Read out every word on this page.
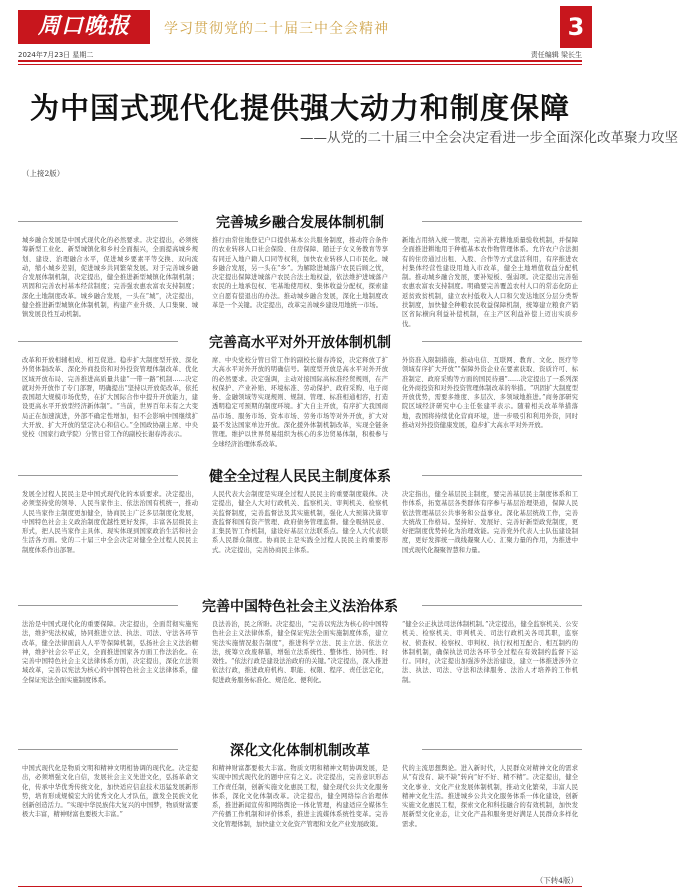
周口晚报	学习贯彻党的二十届三中全会精神	3
2024年7月23日 星期二	责任编辑 梁长生
为中国式现代化提供强大动力和制度保障
——从党的二十届三中全会决定看进一步全面深化改革聚力攻坚
（上接2版）
完善城乡融合发展体制机制

城乡融合发展是中国式现代化的必然要求。决定提出，必须统筹新型工业化、新型城镇化和乡村全面振兴，全面提高城乡规划、建设、治理融合水平，促进城乡要素平等交换、双向流动，缩小城乡差别，促进城乡共同繁荣发展。对于完善城乡融合发展体制机制，决定提出，健全推进新型城镇化体制机制；巩固和完善农村基本经营制度；完善强农惠农富农支持制度；深化土地制度改革。城乡融合发展，一头在“城”，决定提出，健全推进新型城镇化体制机制，构建产业升级、人口集聚、城镇发展良性互动机制。

推行由常住地登记户口提供基本公共服务制度，推动符合条件的农业转移人口社会保险、住房保障、随迁子女义务教育等享有同迁入地户籍人口同等权利，加快农业转移人口市民化。城乡融合发展，另一头在“乡”。为解除进城落户农民后顾之忧，决定提出保障进城落户农民合法土地权益，依法维护进城落户农民的土地承包权、宅基地使用权、集体收益分配权，探索建立自愿有偿退出的办法。推动城乡融合发展，深化土地制度改革是一个关键。决定提出，改革完善城乡建设用地统一市场。

新地占用纳入统一管理，完善补充耕地质量验收机制，并保障全面推进耕地用于种植基本农作物管理体系。允许农户合法拥有的住房通过出租、入股、合作等方式盘活利用，有序推进农村集体经营性建设用地入市改革，健全土地增值收益分配机制。推动城乡融合发展，要补短板、强弱项。决定提出完善强农惠农富农支持制度。明确要完善覆盖农村人口的常态化防止返贫致贫机制，建立农村低收入人口和欠发达地区分层分类帮扶制度，加快健全种粮农民收益保障机制，统筹建立粮食产销区省际横向利益补偿机制，在主产区利益补偿上迈出实质步伐。

完善高水平对外开放体制机制

改革和开放相辅相成、相互促进。稳步扩大制度型开放、深化外贸体制改革、深化外商投资和对外投资管理体制改革、优化区域开放布局、完善推进高质量共建“一带一路”机制……决定就对外开放作了专门部署，明确提出“坚持以开放促改革，依托我国超大规模市场优势，在扩大国际合作中提升开放能力，建设更高水平开放型经济新体制”。“当前，世界百年未有之大变局正在加速演进，外部不确定性增加，但不会影响中国继续扩大开放、扩大开放的坚定决心和信心。”全国政协副主席、中央党校（国家行政学院）分管日常工作的副校长谢春涛表示。

席、中央党校分管日常工作的副校长谢春涛说，决定释放了扩大高水平对外开放的明确信号。制度型开放是高水平对外开放的必然要求。决定强调，主动对接国际高标准经贸规则，在产权保护、产业补贴、环境标准、劳动保护、政府采购、电子商务、金融领域等实现规则、规制、管理、标准相通相容，打造透明稳定可预期的制度环境。扩大自主开放，有序扩大我国商品市场、服务市场、资本市场、劳务市场等对外开放，扩大对最不发达国家单边开放。深化援外体制机制改革，实现全链条管理。维护以世界贸易组织为核心的多边贸易体制，积极参与全球经济治理体系改革。

外资准入限制措施，推动电信、互联网、教育、文化、医疗等领域有序扩大开放”“保障外资企业在要素获取、资质许可、标准制定、政府采购等方面的国民待遇”……决定提出了一系列深化外商投资和对外投资管理体制改革的举措。“巩固扩大制度型开放优势，需要多维度、多层次、多领域地推进。”商务部研究院区域经济研究中心主任张建平表示。随着相关改革举措落地，我国将持续优化营商环境，进一步吸引和利用外资，同时推动对外投资健康发展，稳步扩大高水平对外开放。

健全全过程人民民主制度体系

发展全过程人民民主是中国式现代化的本质要求。决定提出，必须坚持党的领导、人民当家作主、依法治国有机统一，推动人民当家作主制度更加健全，协商民主广泛多层制度化发展，中国特色社会主义政治制度优越性更好发挥，丰富各层级民主形式，把人民当家作主具体、现实体现到国家政治生活和社会生活各方面。党的二十届三中全会决定对健全全过程人民民主制度体系作出部署。

人民代表大会制度是实现全过程人民民主的重要制度载体。决定提出，健全人大对行政机关、监察机关、审判机关、检察机关监督制度，完善监督法及其实施机制，强化人大预算决算审查监督和国有资产管理、政府债务管理监督。健全吸纳民意、汇集民智工作机制，建设好基层立法联系点。健全人大代表联系人民群众制度。协商民主是实践全过程人民民主的重要形式。决定提出，完善协商民主体系。

决定指出，健全基层民主制度，要完善基层民主制度体系和工作体系，拓宽基层各类群体有序参与基层治理渠道，保障人民依法管理基层公共事务和公益事业。深化基层统战工作，完善大统战工作格局。坚持好、发展好、完善好新型政党制度，更好把制度优势转化为治理效能。完善党外代表人士队伍建设制度，更好发挥统一战线凝聚人心、汇聚力量的作用，为推进中国式现代化凝聚智慧和力量。

完善中国特色社会主义法治体系

法治是中国式现代化的重要保障。决定提出，全面贯彻实施宪法，维护宪法权威，协同推进立法、执法、司法、守法各环节改革，健全法律面前人人平等保障机制，弘扬社会主义法治精神，维护社会公平正义，全面推进国家各方面工作法治化。在完善中国特色社会主义法律体系方面，决定提出，深化立法领域改革，完善以宪法为核心的中国特色社会主义法律体系，健全保证宪法全面实施制度体系。

良法善治，民之所盼。决定提出，“完善以宪法为核心的中国特色社会主义法律体系，健全保证宪法全面实施制度体系，建立宪法实施情况报告制度”，推进科学立法、民主立法、依法立法，统筹立改废释纂，增强立法系统性、整体性、协同性、时效性。“依法行政是建设法治政府的关键。”决定提出，深入推进依法行政，推进政府机构、职能、权限、程序、责任法定化，促进政务服务标准化、规范化、便利化。

“健全公正执法司法体制机制。”决定提出，健全监察机关、公安机关、检察机关、审判机关、司法行政机关各司其职，监察权、侦查权、检察权、审判权、执行权相互配合、相互制约的体制机制，确保执法司法各环节全过程在有效制约监督下运行。同时，决定提出加强涉外法治建设，建立一体推进涉外立法、执法、司法、守法和法律服务、法治人才培养的工作机制。

深化文化体制机制改革

中国式现代化是物质文明和精神文明相协调的现代化。决定提出，必须增强文化自信，发展社会主义先进文化，弘扬革命文化，传承中华优秀传统文化，加快适应信息技术迅猛发展新形势，培育形成规模宏大的优秀文化人才队伍，激发全民族文化创新创造活力。“实现中华民族伟大复兴的中国梦，物质财富要极大丰富，精神财富也要极大丰富。”

和精神财富都要极大丰富。物质文明和精神文明协调发展，是实现中国式现代化的题中应有之义。决定提出，完善意识形态工作责任制，创新实施文化惠民工程，健全现代公共文化服务体系，深化文化体制改革。决定提出，健全网络综合治理体系，推进新闻宣传和网络舆论一体化管理，构建适应全媒体生产传播工作机制和评价体系，推进主流媒体系统性变革。完善文化管理体制，加快建立文化资产管理和文化产业发展政策。

代的主流思想舆论。进入新时代，人民群众对精神文化的需求从“有没有、缺不缺”转向“好不好、精不精”。决定提出，健全文化事业、文化产业发展体制机制，推动文化繁荣，丰富人民精神文化生活。推进城乡公共文化服务体系一体化建设，创新实施文化惠民工程，探索文化和科技融合的有效机制，加快发展新型文化业态，让文化产品和服务更好满足人民群众多样化需求。

（下转4版）
